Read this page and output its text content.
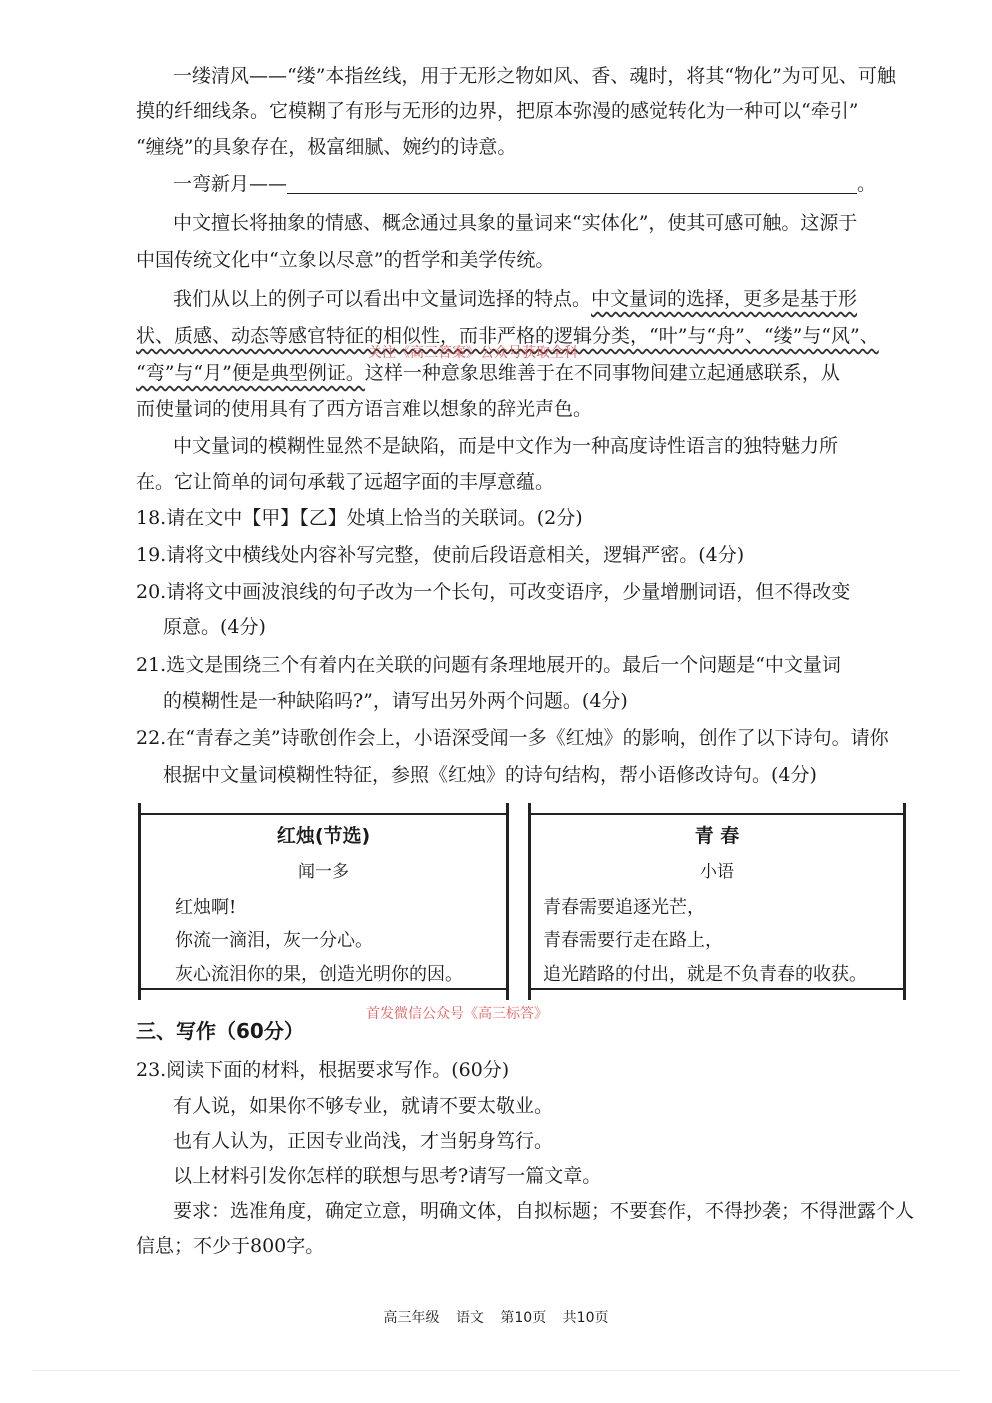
一缕清风——“缕”本指丝线，用于无形之物如风、香、魂时，将其“物化”为可见、可触
摸的纤细线条。它模糊了有形与无形的边界，把原本弥漫的感觉转化为一种可以“牵引”
“缠绕”的具象存在，极富细腻、婉约的诗意。
一弯新月——	。
中文擅长将抽象的情感、概念通过具象的量词来“实体化”，使其可感可触。这源于
中国传统文化中“立象以尽意”的哲学和美学传统。
我们从以上的例子可以看出中文量词选择的特点。中文量词的选择，更多是基于形
状、质感、动态等感官特征的相似性，而非严格的逻辑分类，“叶”与“舟”、“缕”与“风”、
关注《高三答案》公众号获取全科
“弯”与“月”便是典型例证。这样一种意象思维善于在不同事物间建立起通感联系，从
而使量词的使用具有了西方语言难以想象的辞光声色。
中文量词的模糊性显然不是缺陷，而是中文作为一种高度诗性语言的独特魅力所
在。它让简单的词句承载了远超字面的丰厚意蕴。
18.请在文中【甲】【乙】处填上恰当的关联词。(2分)
19.请将文中横线处内容补写完整，使前后段语意相关，逻辑严密。(4分)
20.请将文中画波浪线的句子改为一个长句，可改变语序，少量增删词语，但不得改变
原意。(4分)
21.选文是围绕三个有着内在关联的问题有条理地展开的。最后一个问题是“中文量词
的模糊性是一种缺陷吗?”，请写出另外两个问题。(4分)
22.在“青春之美”诗歌创作会上，小语深受闻一多《红烛》的影响，创作了以下诗句。请你
根据中文量词模糊性特征，参照《红烛》的诗句结构，帮小语修改诗句。(4分)
红烛(节选)
闻一多
红烛啊!
你流一滴泪，灰一分心。
灰心流泪你的果，创造光明你的因。
青 春
小语
青春需要追逐光芒，
青春需要行走在路上，
追光踏路的付出，就是不负青春的收获。
首发微信公众号《高三标答》
三、写作（60分）
23.阅读下面的材料，根据要求写作。(60分)
有人说，如果你不够专业，就请不要太敬业。
也有人认为，正因专业尚浅，才当躬身笃行。
以上材料引发你怎样的联想与思考?请写一篇文章。
要求：选准角度，确定立意，明确文体，自拟标题；不要套作，不得抄袭；不得泄露个人
信息；不少于800字。
高三年级 语文 第10页 共10页
